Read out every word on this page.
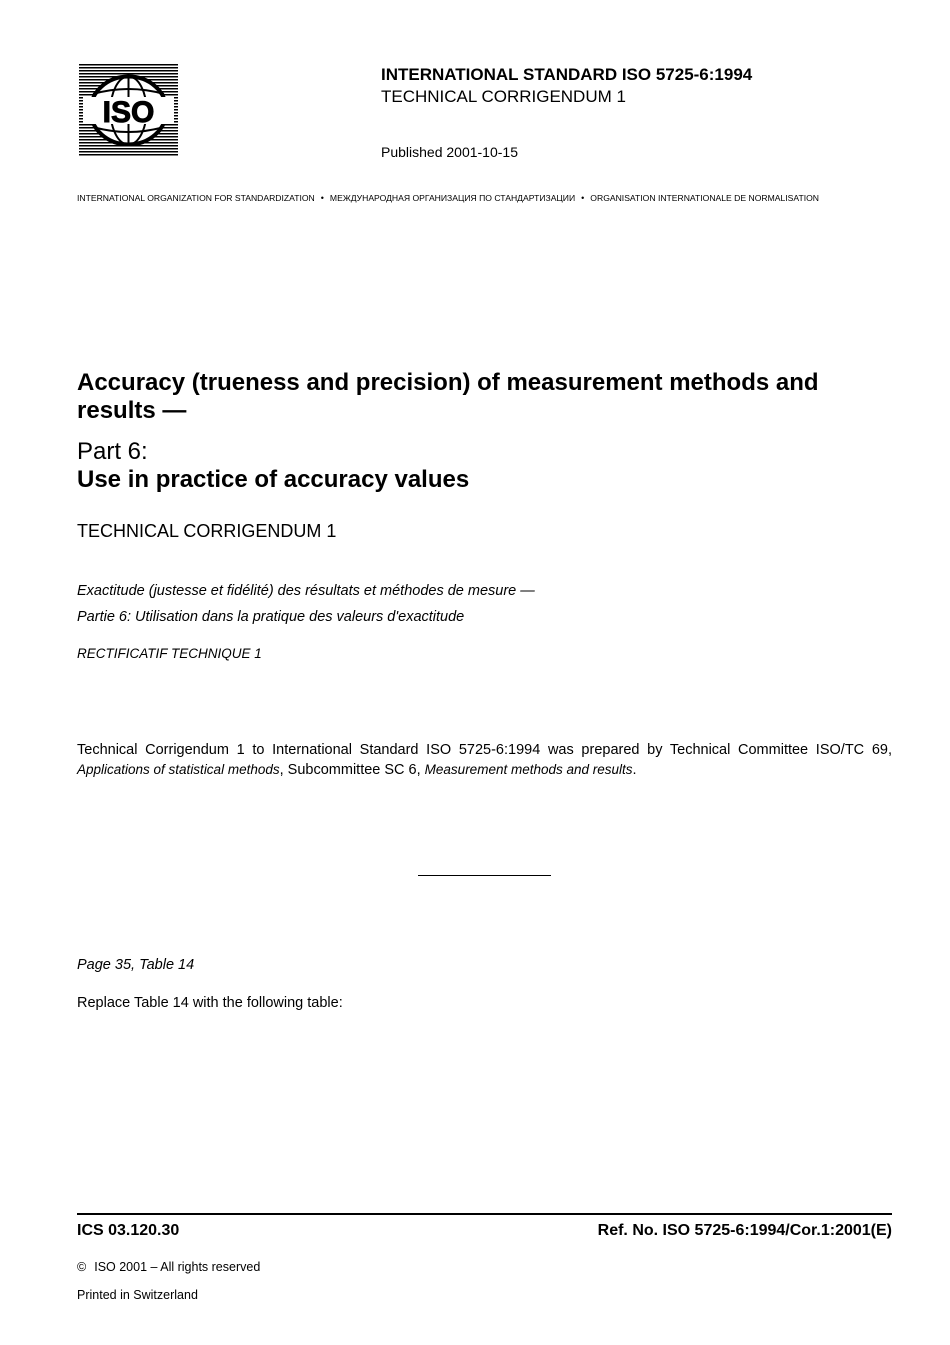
ISO
INTERNATIONAL STANDARD ISO 5725-6:1994
TECHNICAL CORRIGENDUM 1
Published 2001-10-15
INTERNATIONAL ORGANIZATION FOR STANDARDIZATION • МЕЖДУНАРОДНАЯ ОРГАНИЗАЦИЯ ПО СТАНДАРТИЗАЦИИ • ORGANISATION INTERNATIONALE DE NORMALISATION
Accuracy (trueness and precision) of measurement methods and results —
Part 6:
Use in practice of accuracy values
TECHNICAL CORRIGENDUM 1
Exactitude (justesse et fidélité) des résultats et méthodes de mesure —
Partie 6: Utilisation dans la pratique des valeurs d'exactitude
RECTIFICATIF TECHNIQUE 1
Technical Corrigendum 1 to International Standard ISO 5725-6:1994 was prepared by Technical Committee ISO/TC 69, Applications of statistical methods, Subcommittee SC 6, Measurement methods and results.
Page 35, Table 14
Replace Table 14 with the following table:
ICS 03.120.30	Ref. No. ISO 5725-6:1994/Cor.1:2001(E)
© ISO 2001 – All rights reserved
Printed in Switzerland
